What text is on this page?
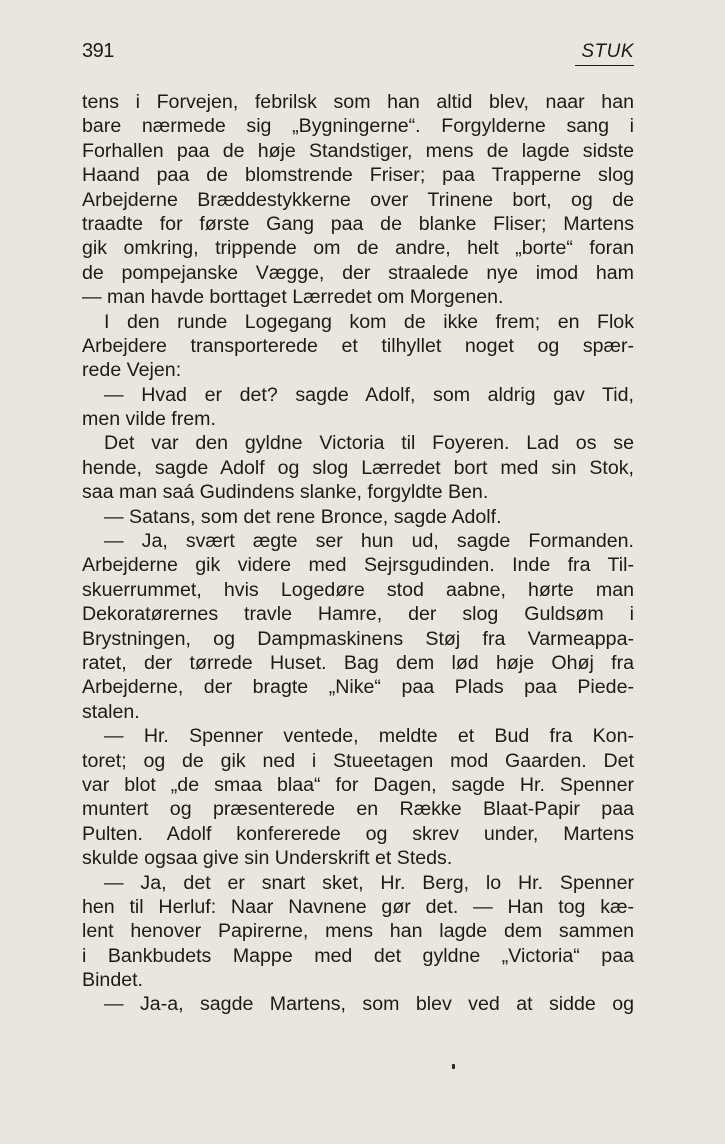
391	STUK
tens i Forvejen, febrilsk som han altid blev, naar han
bare nærmede sig „Bygningerne“. Forgylderne sang i
Forhallen paa de høje Standstiger, mens de lagde sidste
Haand paa de blomstrende Friser; paa Trapperne slog
Arbejderne Bræddestykkerne over Trinene bort, og de
traadte for første Gang paa de blanke Fliser; Martens
gik omkring, trippende om de andre, helt „borte“ foran
de pompejanske Vægge, der straalede nye imod ham
— man havde borttaget Lærredet om Morgenen.
I den runde Logegang kom de ikke frem; en Flok
Arbejdere transporterede et tilhyllet noget og spær-
rede Vejen:
— Hvad er det? sagde Adolf, som aldrig gav Tid,
men vilde frem.
Det var den gyldne Victoria til Foyeren. Lad os se
hende, sagde Adolf og slog Lærredet bort med sin Stok,
saa man saá Gudindens slanke, forgyldte Ben.
— Satans, som det rene Bronce, sagde Adolf.
— Ja, svært ægte ser hun ud, sagde Formanden.
Arbejderne gik videre med Sejrsgudinden. Inde fra Til-
skuerrummet, hvis Logedøre stod aabne, hørte man
Dekoratørernes travle Hamre, der slog Guldsøm i
Brystningen, og Dampmaskinens Støj fra Varmeappa-
ratet, der tørrede Huset. Bag dem lød høje Ohøj fra
Arbejderne, der bragte „Nike“ paa Plads paa Piede-
stalen.
— Hr. Spenner ventede, meldte et Bud fra Kon-
toret; og de gik ned i Stueetagen mod Gaarden. Det
var blot „de smaa blaa“ for Dagen, sagde Hr. Spenner
muntert og præsenterede en Række Blaat-Papir paa
Pulten. Adolf konfererede og skrev under, Martens
skulde ogsaa give sin Underskrift et Steds.
— Ja, det er snart sket, Hr. Berg, lo Hr. Spenner
hen til Herluf: Naar Navnene gør det. — Han tog kæ-
lent henover Papirerne, mens han lagde dem sammen
i Bankbudets Mappe med det gyldne „Victoria“ paa
Bindet.
— Ja-a, sagde Martens, som blev ved at sidde og
